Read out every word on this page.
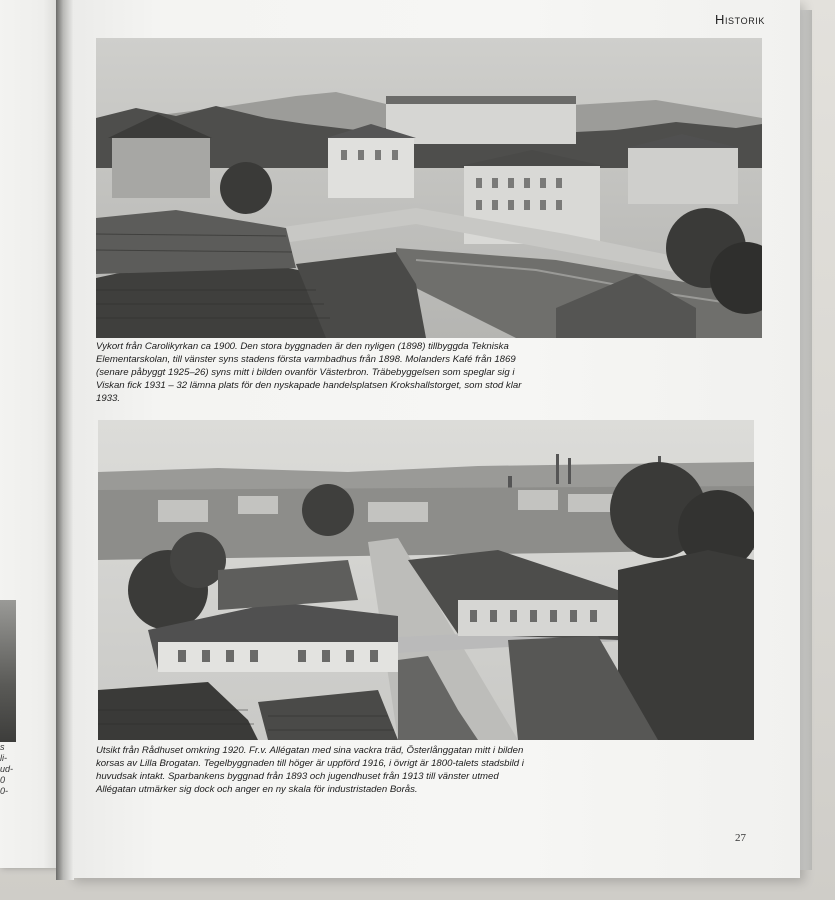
s
li-
ud-
0
0-
Historik

Vykort från Carolikyrkan ca 1900. Den stora byggnaden är den nyligen (1898) tillbyggda Tekniska Elementarskolan, till vänster syns stadens första varmbadhus från 1898. Molanders Kafé från 1869 (senare påbyggt 1925–26) syns mitt i bilden ovanför Västerbron. Träbebyggelsen som speglar sig i Viskan fick 1931 – 32 lämna plats för den nyskapade handelsplatsen Krokshallstorget, som stod klar 1933.

Utsikt från Rådhuset omkring 1920. Fr.v. Allégatan med sina vackra träd, Österlånggatan mitt i bilden korsas av Lilla Brogatan. Tegelbyggnaden till höger är uppförd 1916, i övrigt är 1800-talets stadsbild i huvudsak intakt. Sparbankens byggnad från 1893 och jugendhuset från 1913 till vänster utmed Allégatan utmärker sig dock och anger en ny skala för industristaden Borås.

27
